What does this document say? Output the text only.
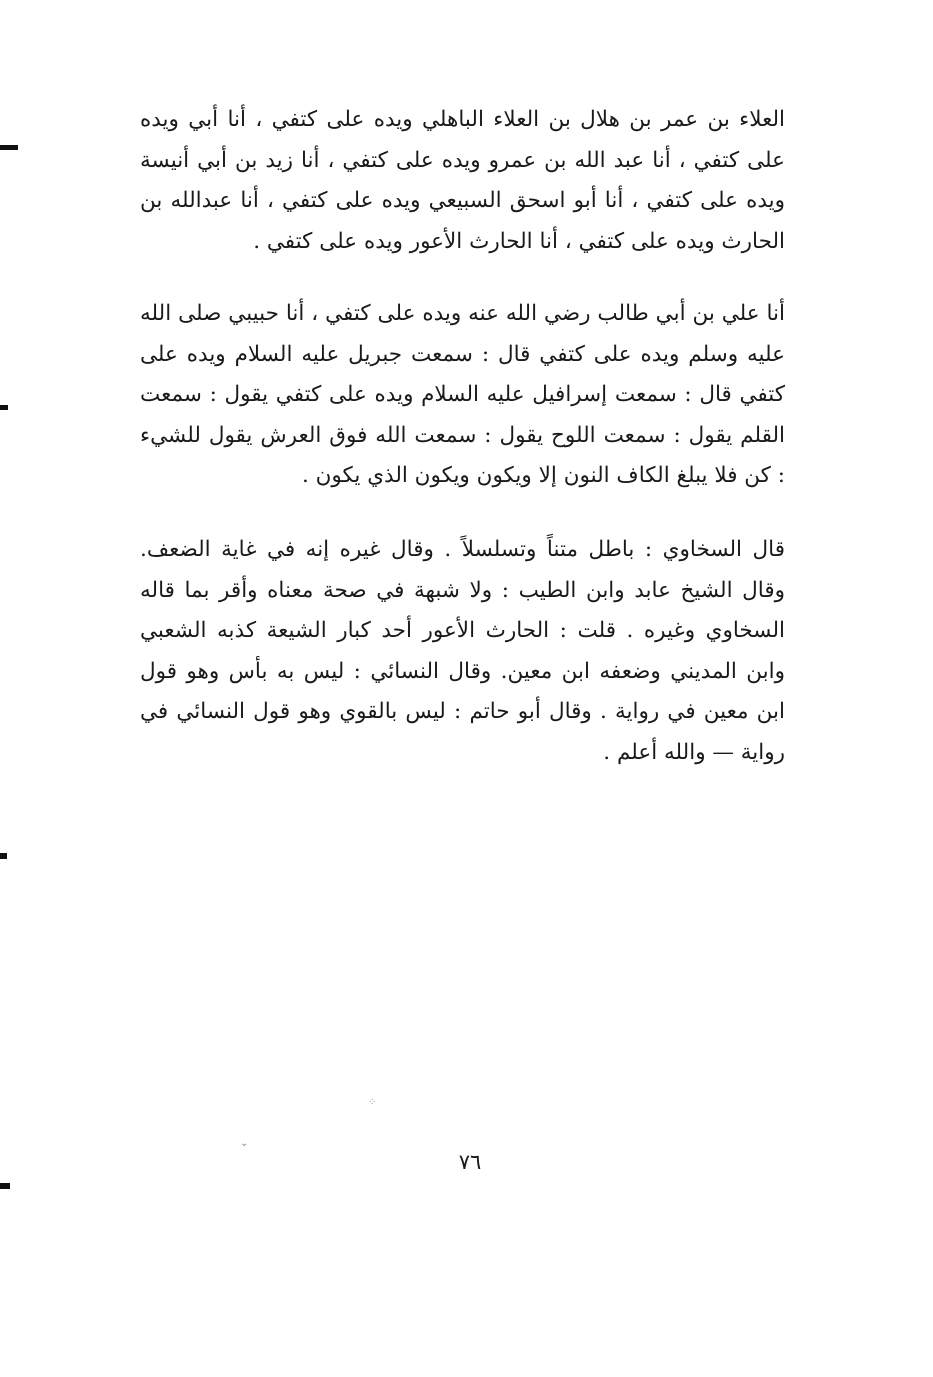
العلاء بن عمر بن هلال بن العلاء الباهلي ويده على كتفي ، أنا أبي ويده على كتفي ، أنا عبد الله بن عمرو ويده على كتفي ، أنا زيد بن أبي أنيسة ويده على كتفي ، أنا أبو اسحق السبيعي ويده على كتفي ، أنا عبدالله بن الحارث ويده على كتفي ، أنا الحارث الأعور ويده على كتفي .

أنا علي بن أبي طالب رضي الله عنه ويده على كتفي ، أنا حبيبي صلى الله عليه وسلم ويده على كتفي قال : سمعت جبريل عليه السلام ويده على كتفي قال : سمعت إسرافيل عليه السلام ويده على كتفي يقول : سمعت القلم يقول : سمعت اللوح يقول : سمعت الله فوق العرش يقول للشيء : كن فلا يبلغ الكاف النون إلا ويكون ويكون الذي يكون .

قال السخاوي : باطل متناً وتسلسلاً . وقال غيره إنه في غاية الضعف. وقال الشيخ عابد وابن الطيب : ولا شبهة في صحة معناه وأقر بما قاله السخاوي وغيره . قلت : الحارث الأعور أحد كبار الشيعة كذبه الشعبي وابن المديني وضعفه ابن معين. وقال النسائي : ليس به بأس وهو قول ابن معين في رواية . وقال أبو حاتم : ليس بالقوي وهو قول النسائي في رواية — والله أعلم .

٧٦
⁘
⌄
